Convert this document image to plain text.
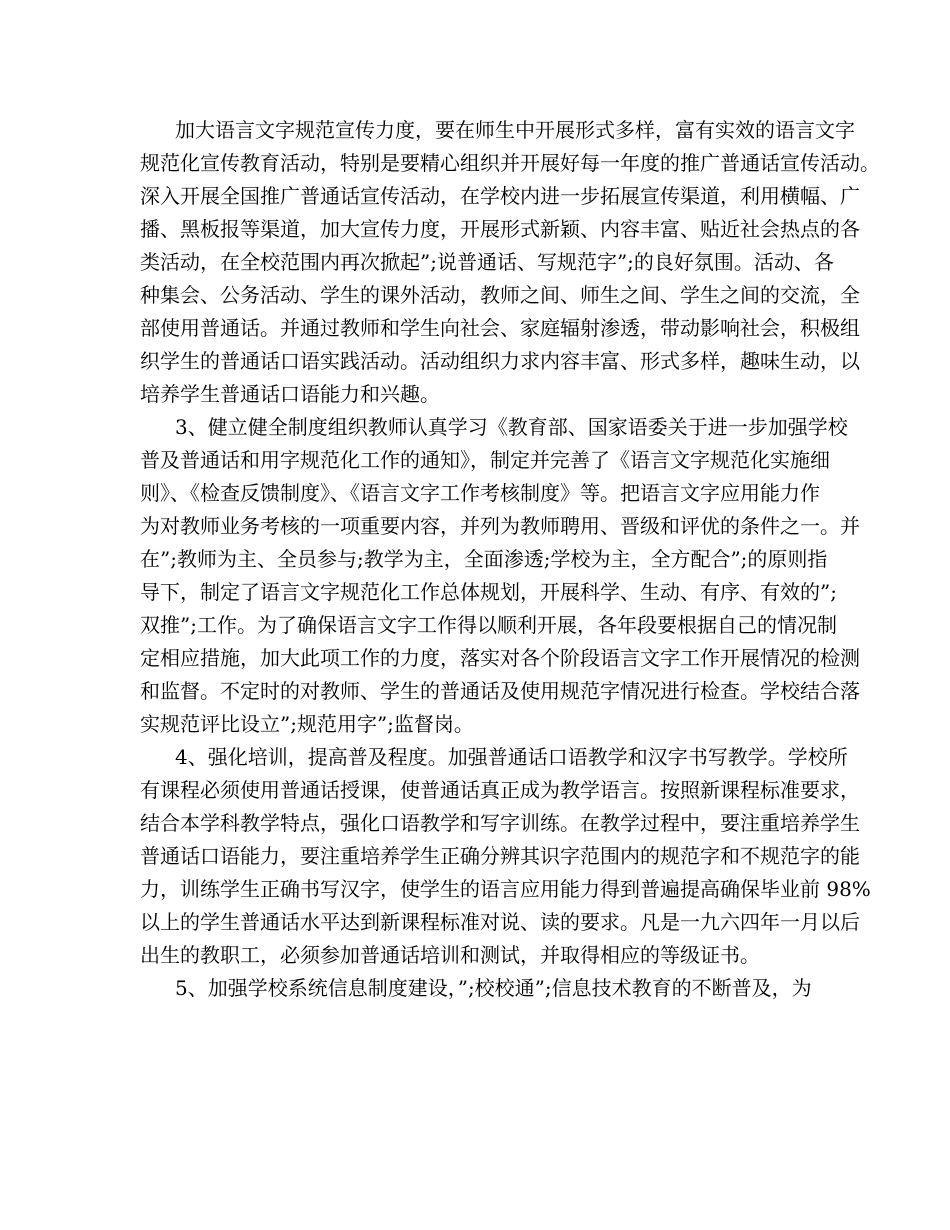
加大语言文字规范宣传力度，要在师生中开展形式多样，富有实效的语言文字
规范化宣传教育活动，特别是要精心组织并开展好每一年度的推广普通话宣传活动。
深入开展全国推广普通话宣传活动，在学校内进一步拓展宣传渠道，利用横幅、广
播、黑板报等渠道，加大宣传力度，开展形式新颖、内容丰富、贴近社会热点的各
类活动，在全校范围内再次掀起”;说普通话、写规范字”;的良好氛围。活动、各
种集会、公务活动、学生的课外活动，教师之间、师生之间、学生之间的交流，全
部使用普通话。并通过教师和学生向社会、家庭辐射渗透，带动影响社会，积极组
织学生的普通话口语实践活动。活动组织力求内容丰富、形式多样，趣味生动，以
培养学生普通话口语能力和兴趣。
3、健立健全制度组织教师认真学习《教育部、国家语委关于进一步加强学校
普及普通话和用字规范化工作的通知》，制定并完善了《语言文字规范化实施细
则》、《检查反馈制度》、《语言文字工作考核制度》等。把语言文字应用能力作
为对教师业务考核的一项重要内容，并列为教师聘用、晋级和评优的条件之一。并
在”;教师为主、全员参与;教学为主，全面渗透;学校为主，全方配合”;的原则指
导下，制定了语言文字规范化工作总体规划，开展科学、生动、有序、有效的”;
双推”;工作。为了确保语言文字工作得以顺利开展，各年段要根据自己的情况制
定相应措施，加大此项工作的力度，落实对各个阶段语言文字工作开展情况的检测
和监督。不定时的对教师、学生的普通话及使用规范字情况进行检查。学校结合落
实规范评比设立”;规范用字”;监督岗。
4、强化培训，提高普及程度。加强普通话口语教学和汉字书写教学。学校所
有课程必须使用普通话授课，使普通话真正成为教学语言。按照新课程标准要求，
结合本学科教学特点，强化口语教学和写字训练。在教学过程中，要注重培养学生
普通话口语能力，要注重培养学生正确分辨其识字范围内的规范字和不规范字的能
力，训练学生正确书写汉字，使学生的语言应用能力得到普遍提高确保毕业前 98%
以上的学生普通话水平达到新课程标准对说、读的要求。凡是一九六四年一月以后
出生的教职工，必须参加普通话培训和测试，并取得相应的等级证书。
5、加强学校系统信息制度建设，”;校校通”;信息技术教育的不断普及，为
